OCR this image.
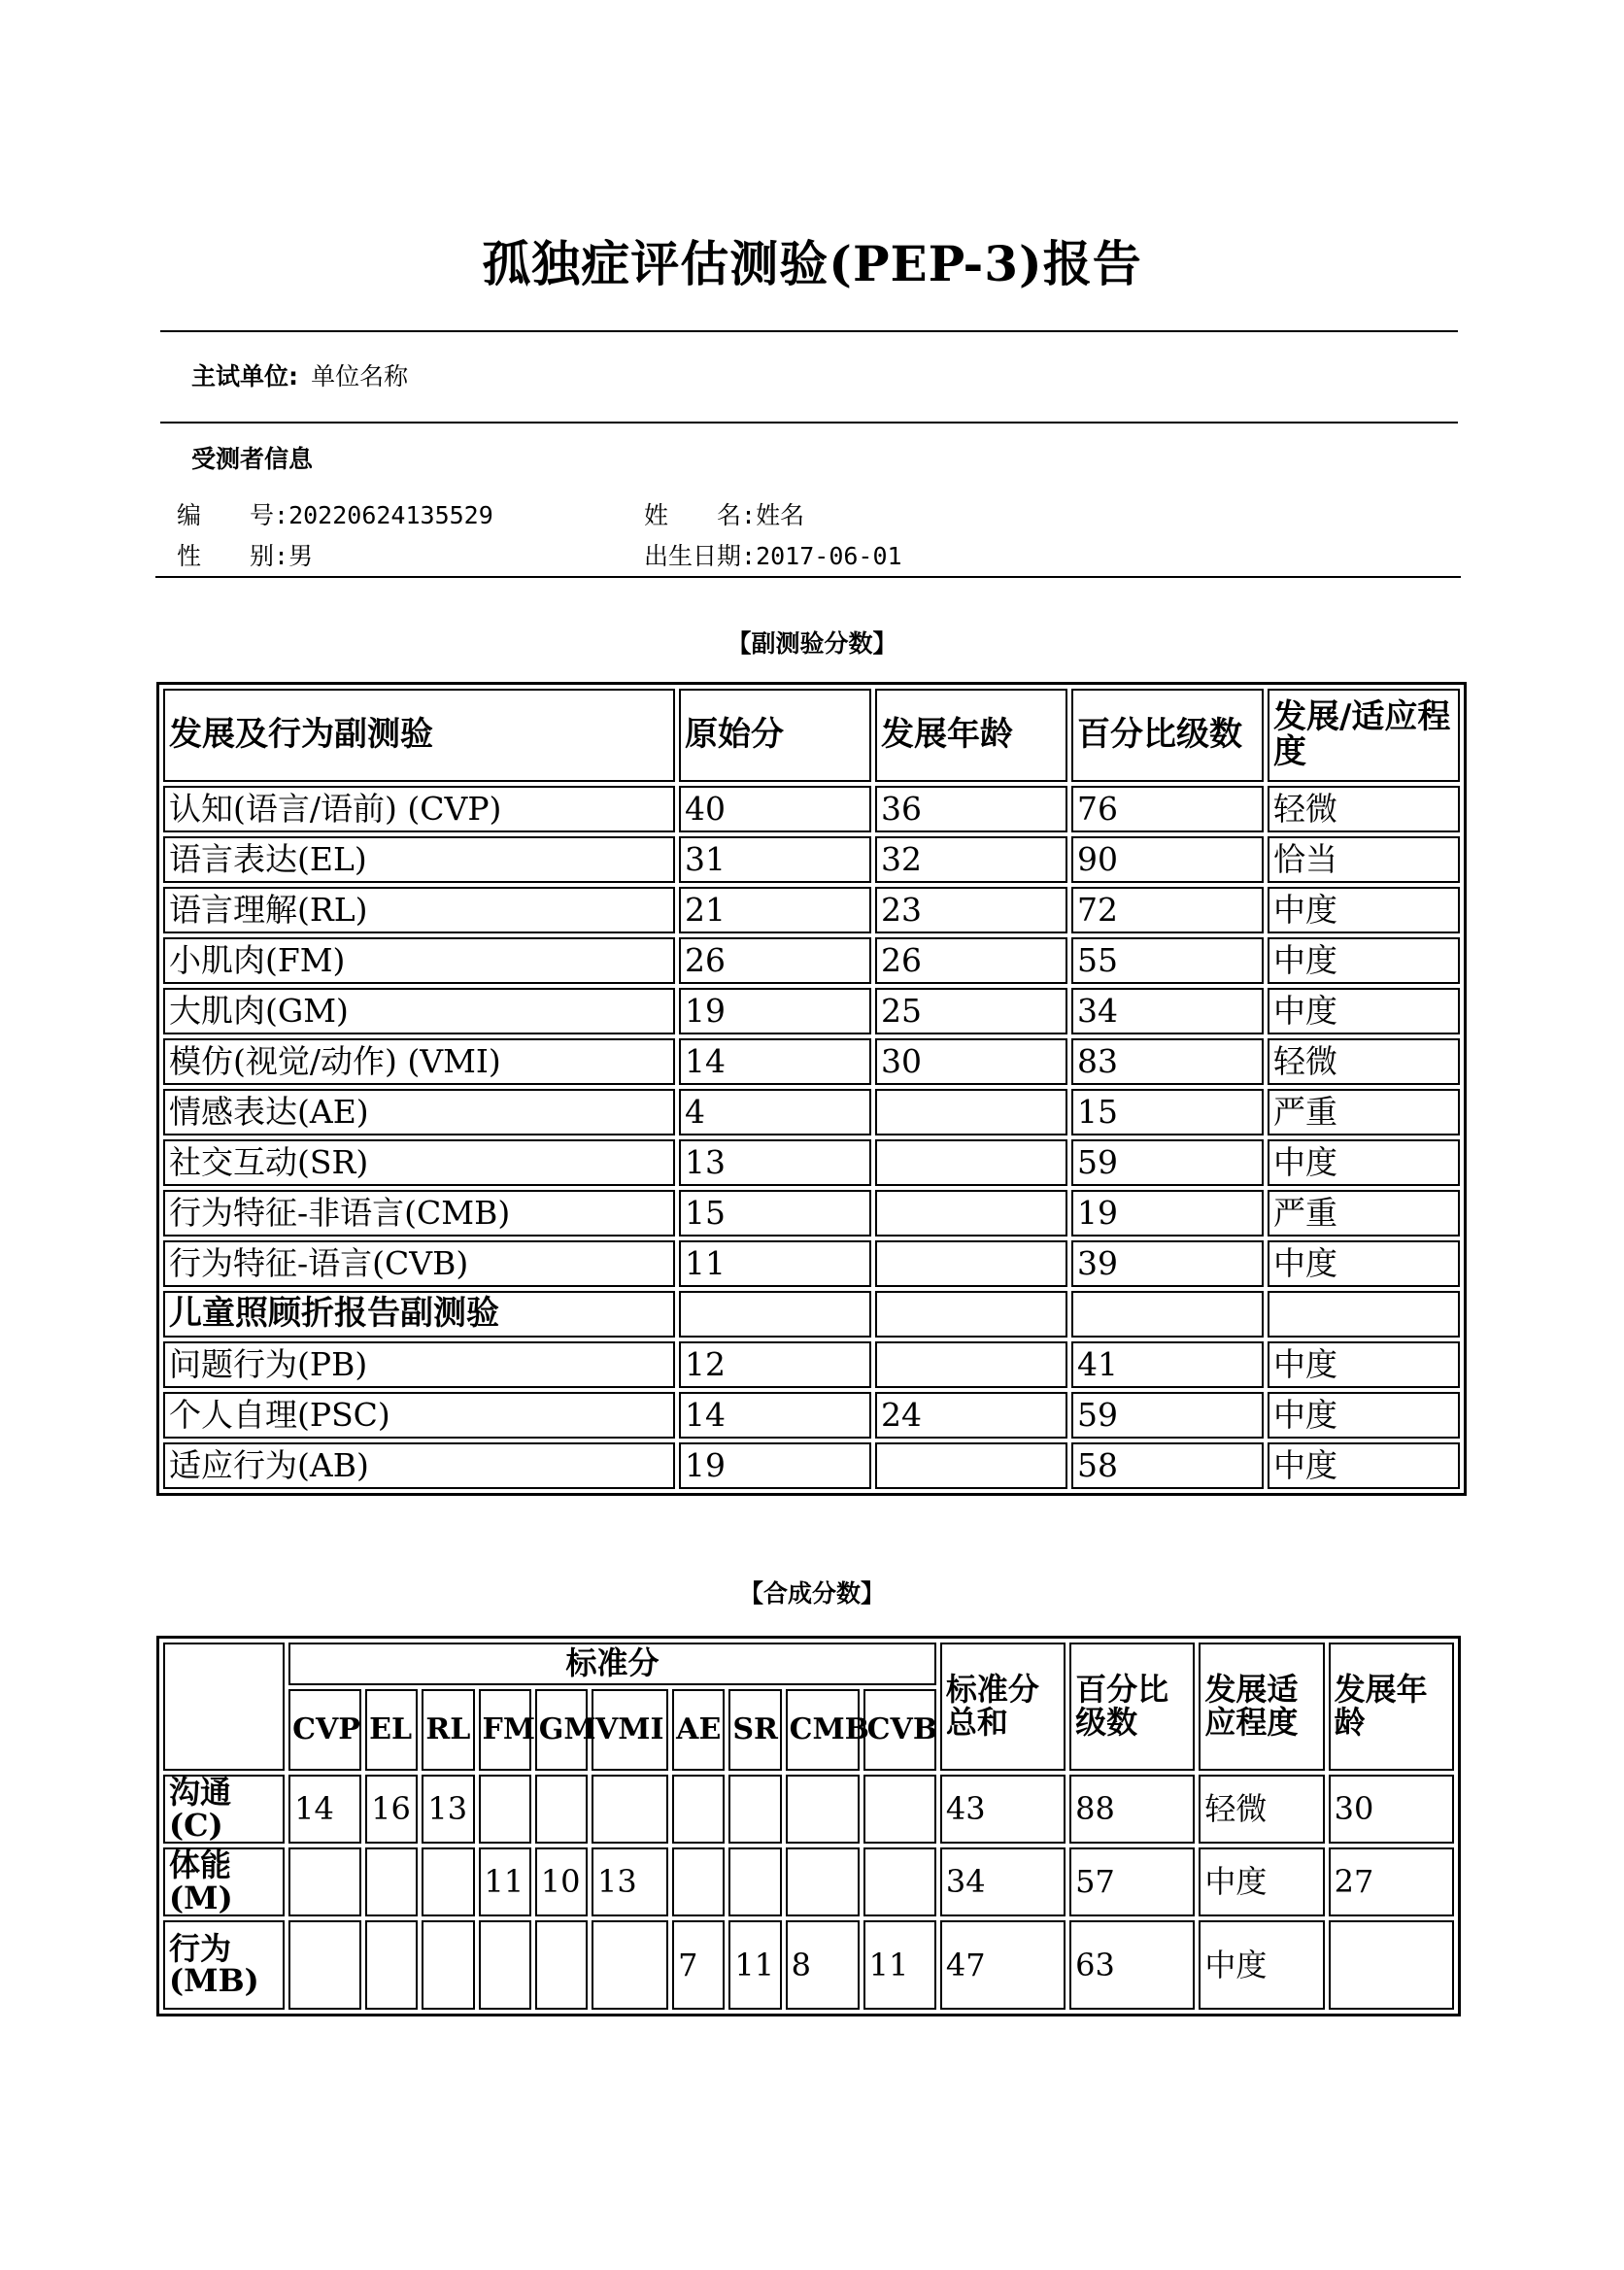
孤独症评估测验(PEP-3)报告
主试单位: 单位名称
受测者信息
编　　号:20220624135529	姓　　名:姓名
性　　别:男	出生日期:2017-06-01
【副测验分数】
发展及行为副测验	原始分	发展年龄	百分比级数	发展/适应程度
认知(语言/语前) (CVP)	40	36	76	轻微
语言表达(EL)	31	32	90	恰当
语言理解(RL)	21	23	72	中度
小肌肉(FM)	26	26	55	中度
大肌肉(GM)	19	25	34	中度
模仿(视觉/动作) (VMI)	14	30	83	轻微
情感表达(AE)	4		15	严重
社交互动(SR)	13		59	中度
行为特征-非语言(CMB)	15		19	严重
行为特征-语言(CVB)	11		39	中度
儿童照顾折报告副测验				
问题行为(PB)	12		41	中度
个人自理(PSC)	14	24	59	中度
适应行为(AB)	19		58	中度
【合成分数】
	标准分										标准分总和	百分比级数	发展适应程度	发展年龄
	CVP	EL	RL	FM	GM	VMI	AE	SR	CMB	CVB				
沟通(C)	14	16	13								43	88	轻微	30
体能(M)				11	10	13					34	57	中度	27
行为(MB)							7	11	8	11	47	63	中度	
